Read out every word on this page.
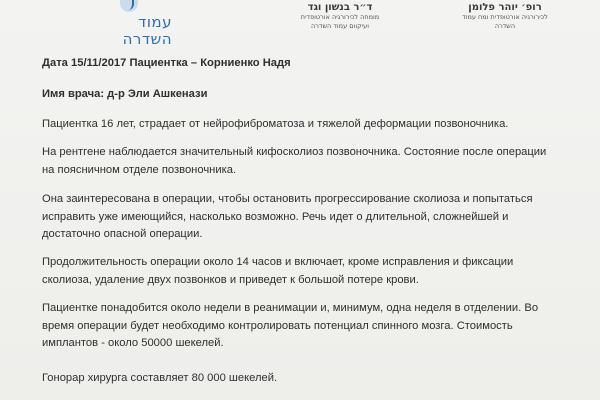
עמוד
השדרה
ד״ר בנשון וגד
מומחה לכירורגיה אורטופדית
ועיקוום עמוד השדרה
רופ׳ יוהר פלומן
לכירורגיה אורטופדית ומח עמוד
השדרה
Дата 15/11/2017 Пациентка – Корниенко Надя
Имя врача: д-р Эли Ашкенази
Пациентка 16 лет, страдает от нейрофиброматоза и тяжелой деформации позвоночника.
На рентгене наблюдается значительный кифосколиоз позвоночника. Состояние после операции
на поясничном отделе позвоночника.
Она заинтересована в операции, чтобы остановить прогрессирование сколиоза и попытаться
исправить уже имеющийся, насколько возможно. Речь идет о длительной, сложнейшей и
достаточно опасной операции.
Продолжительность операции около 14 часов и включает, кроме исправления и фиксации
сколиоза, удаление двух позвонков и приведет к большой потере крови.
Пациентке понадобится около недели в реанимации и, минимум, одна неделя в отделении. Во
время операции будет необходимо контролировать потенциал спинного мозга. Стоимость
имплантов - около 50000 шекелей.
Гонорар хирурга составляет 80 000 шекелей.
